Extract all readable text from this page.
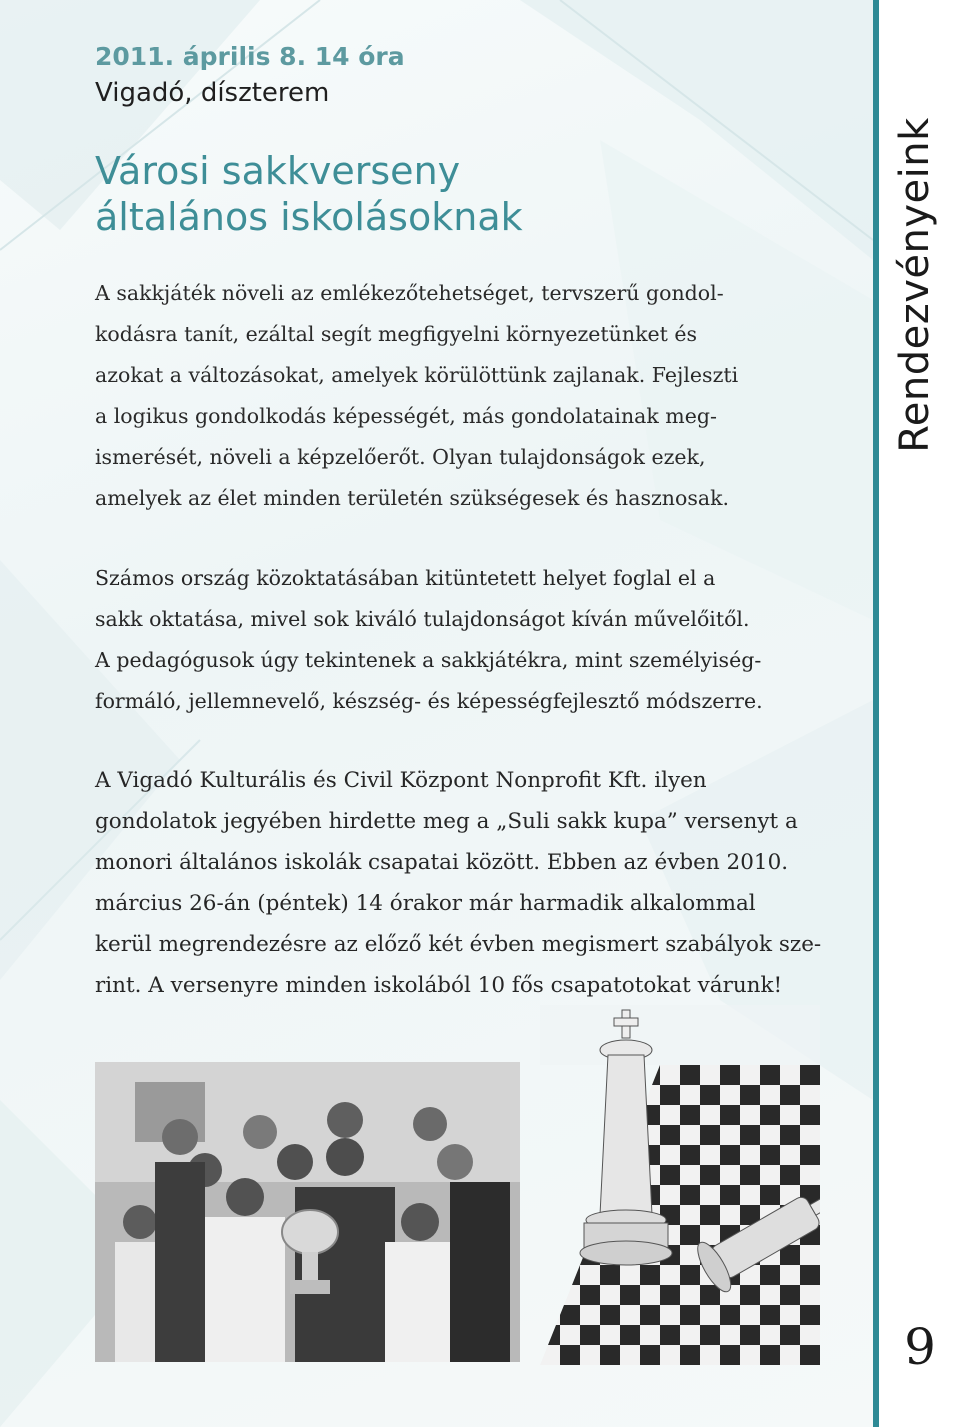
2011. április 8. 14 óra
Vigadó, díszterem
Városi sakkverseny
általános iskolásoknak

A sakkjáték növeli az emlékezőtehetséget, tervszerű gondol-
kodásra tanít, ezáltal segít megfigyelni környezetünket és
azokat a változásokat, amelyek körülöttünk zajlanak. Fejleszti
a logikus gondolkodás képességét, más gondolatainak meg-
ismerését, növeli a képzelőerőt. Olyan tulajdonságok ezek,
amelyek az élet minden területén szükségesek és hasznosak.

Számos ország közoktatásában kitüntetett helyet foglal el a
sakk oktatása, mivel sok kiváló tulajdonságot kíván művelőitől.
A pedagógusok úgy tekintenek a sakkjátékra, mint személyiség-
formáló, jellemnevelő, készség- és képességfejlesztő módszerre.

A Vigadó Kulturális és Civil Központ Nonprofit Kft. ilyen
gondolatok jegyében hirdette meg a „Suli sakk kupa” versenyt a
monori általános iskolák csapatai között. Ebben az évben 2010.
március 26-án (péntek) 14 órakor már harmadik alkalommal
kerül megrendezésre az előző két évben megismert szabályok sze-
rint. A versenyre minden iskolából 10 fős csapatotokat várunk!

Rendezvényeink
9
